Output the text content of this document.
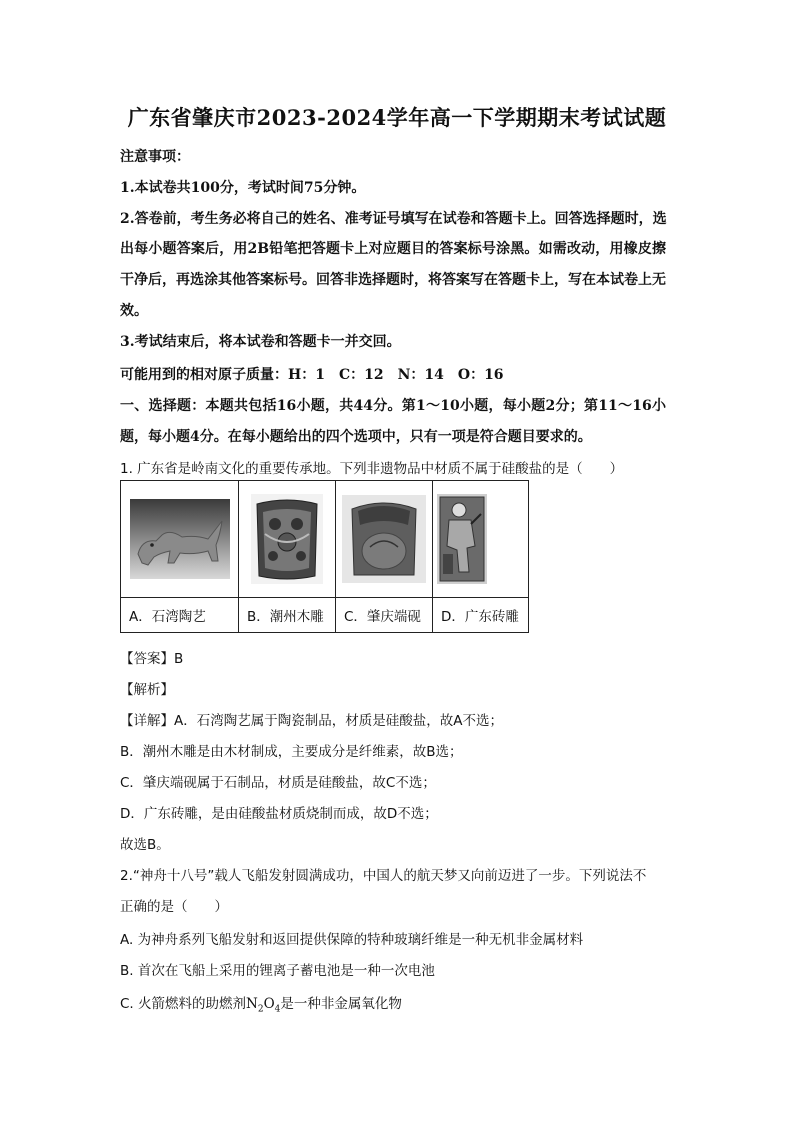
广东省肇庆市2023-2024学年高一下学期期末考试试题
注意事项：
1.本试卷共100分，考试时间75分钟。
2.答卷前，考生务必将自己的姓名、准考证号填写在试卷和答题卡上。回答选择题时，选
出每小题答案后，用2B铅笔把答题卡上对应题目的答案标号涂黑。如需改动，用橡皮擦
干净后，再选涂其他答案标号。回答非选择题时，将答案写在答题卡上，写在本试卷上无
效。
3.考试结束后，将本试卷和答题卡一并交回。
可能用到的相对原子质量：H：1　C：12　N：14　O：16
一、选择题：本题共包括16小题，共44分。第1～10小题，每小题2分；第11～16小
题，每小题4分。在每小题给出的四个选项中，只有一项是符合题目要求的。
1. 广东省是岭南文化的重要传承地。下列非遗物品中材质不属于硅酸盐的是（　　）

A．石湾陶艺	B．潮州木雕	C．肇庆端砚	D．广东砖雕
【答案】B
【解析】
【详解】A．石湾陶艺属于陶瓷制品，材质是硅酸盐，故A不选；
B．潮州木雕是由木材制成，主要成分是纤维素，故B选；
C．肇庆端砚属于石制品，材质是硅酸盐，故C不选；
D．广东砖雕，是由硅酸盐材质烧制而成，故D不选；
故选B。
2.“神舟十八号”载人飞船发射圆满成功，中国人的航天梦又向前迈进了一步。下列说法不
正确的是（　　）
A. 为神舟系列飞船发射和返回提供保障的特种玻璃纤维是一种无机非金属材料
B. 首次在飞船上采用的锂离子蓄电池是一种一次电池
C. 火箭燃料的助燃剂$N_2O_4$是一种非金属氧化物
